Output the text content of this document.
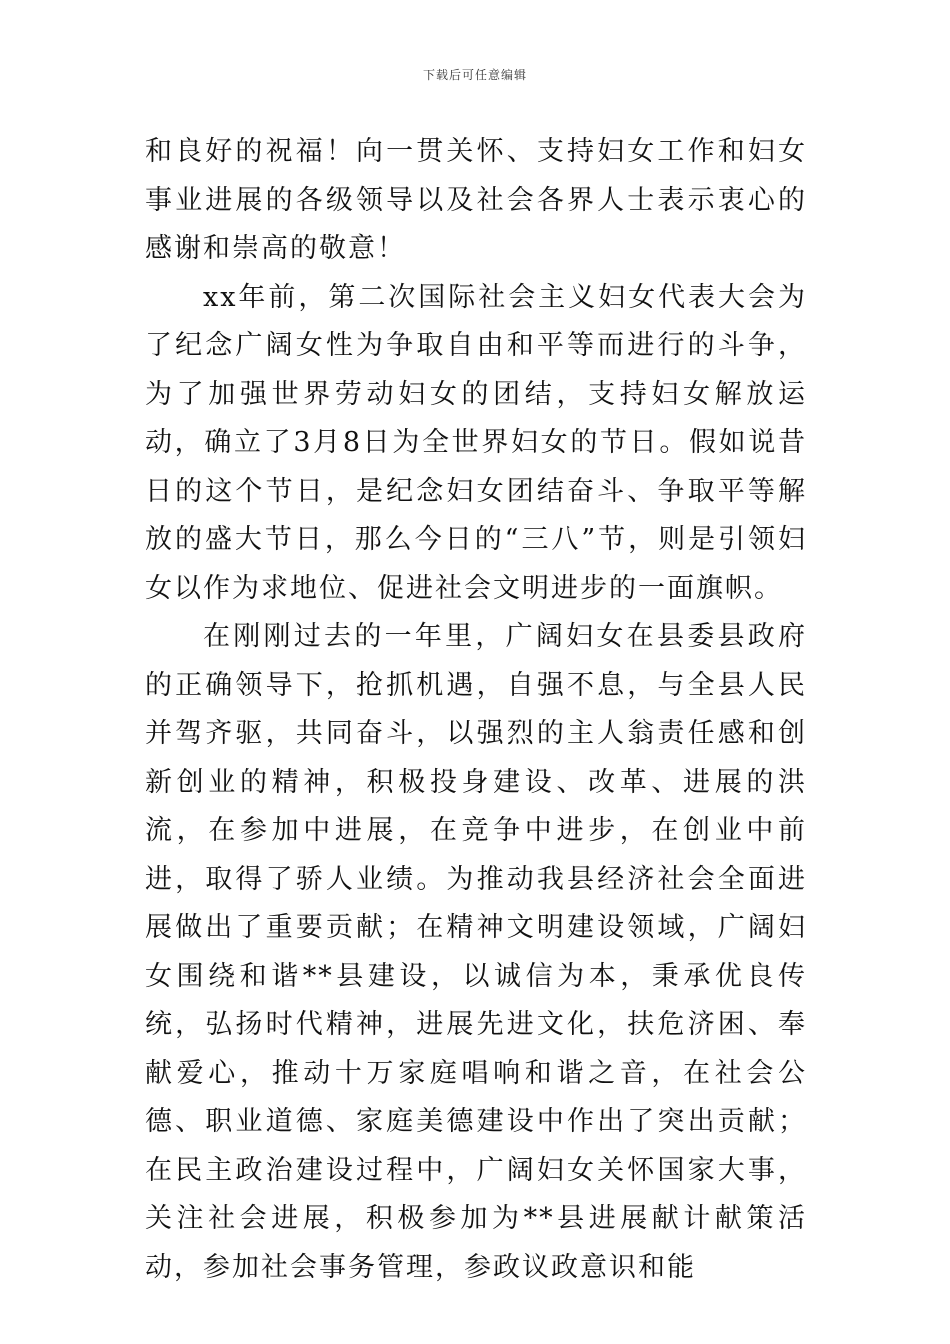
下载后可任意编辑

和良好的祝福！向一贯关怀、支持妇女工作和妇女事业进展的各级领导以及社会各界人士表示衷心的感谢和崇高的敬意！

xx年前，第二次国际社会主义妇女代表大会为了纪念广阔女性为争取自由和平等而进行的斗争，为了加强世界劳动妇女的团结，支持妇女解放运动，确立了3月8日为全世界妇女的节日。假如说昔日的这个节日，是纪念妇女团结奋斗、争取平等解放的盛大节日，那么今日的“三八”节，则是引领妇女以作为求地位、促进社会文明进步的一面旗帜。

在刚刚过去的一年里，广阔妇女在县委县政府的正确领导下，抢抓机遇，自强不息，与全县人民并驾齐驱，共同奋斗，以强烈的主人翁责任感和创新创业的精神，积极投身建设、改革、进展的洪流，在参加中进展，在竞争中进步，在创业中前进，取得了骄人业绩。为推动我县经济社会全面进展做出了重要贡献；在精神文明建设领域，广阔妇女围绕和谐**县建设，以诚信为本，秉承优良传统，弘扬时代精神，进展先进文化，扶危济困、奉献爱心，推动十万家庭唱响和谐之音，在社会公德、职业道德、家庭美德建设中作出了突出贡献；在民主政治建设过程中，广阔妇女关怀国家大事，关注社会进展，积极参加为**县进展献计献策活动，参加社会事务管理，参政议政意识和能
